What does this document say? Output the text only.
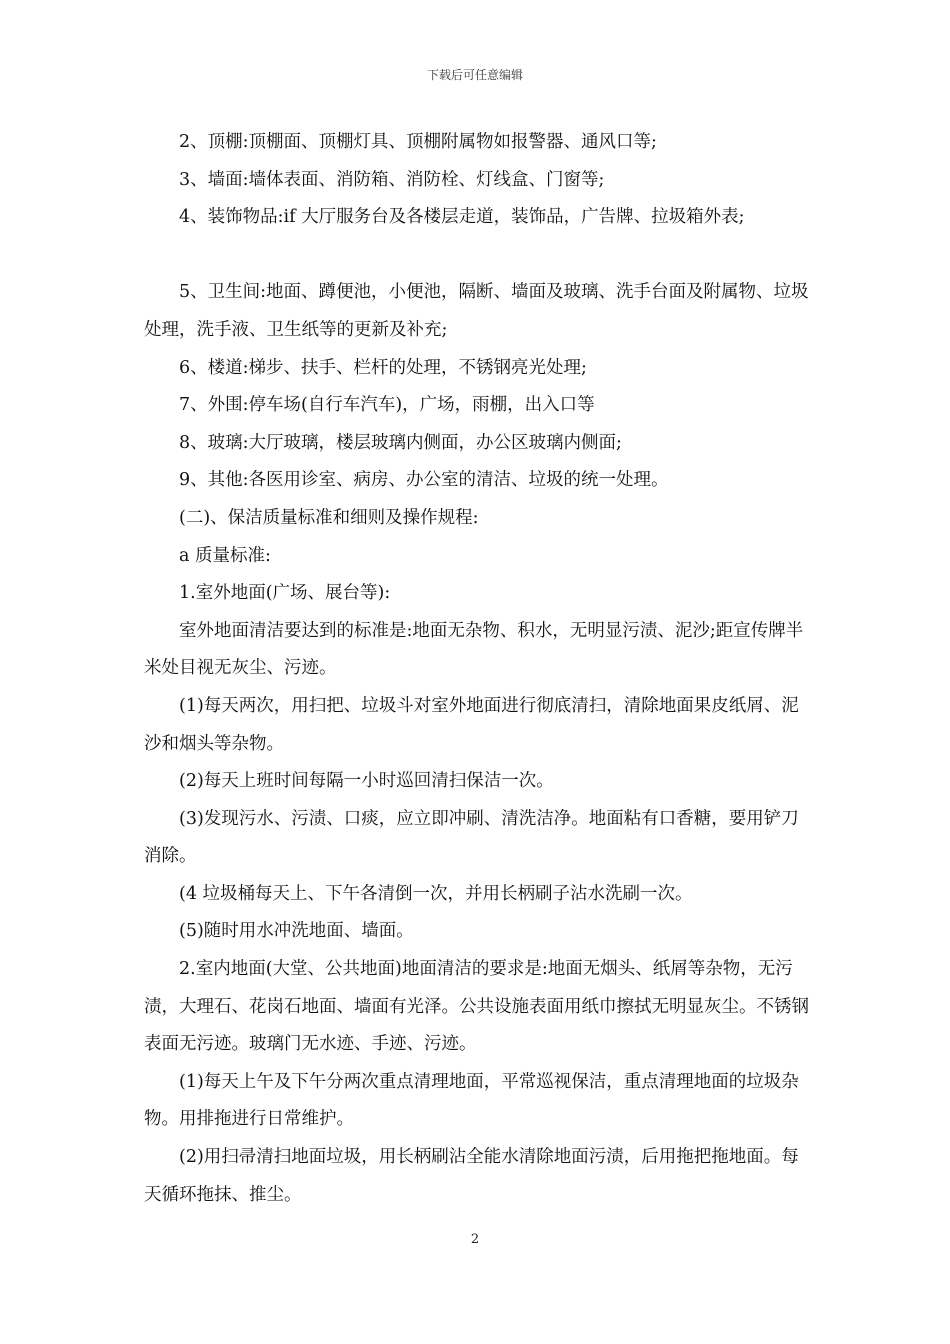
下载后可任意编辑

2、顶棚:顶棚面、顶棚灯具、顶棚附属物如报警器、通风口等;

3、墙面:墙体表面、消防箱、消防栓、灯线盒、门窗等;

4、装饰物品:if 大厅服务台及各楼层走道，装饰品，广告牌、拉圾箱外表;

5、卫生间:地面、蹲便池，小便池，隔断、墙面及玻璃、洗手台面及附属物、垃圾处理，洗手液、卫生纸等的更新及补充;

6、楼道:梯步、扶手、栏杆的处理，不锈钢亮光处理;

7、外围:停车场(自行车汽车)，广场，雨棚，出入口等

8、玻璃:大厅玻璃，楼层玻璃内侧面，办公区玻璃内侧面;

9、其他:各医用诊室、病房、办公室的清洁、垃圾的统一处理。

(二)、保洁质量标准和细则及操作规程:

a 质量标准:

1.室外地面(广场、展台等):

室外地面清洁要达到的标准是:地面无杂物、积水，无明显污渍、泥沙;距宣传牌半米处目视无灰尘、污迹。

(1)每天两次，用扫把、垃圾斗对室外地面进行彻底清扫，清除地面果皮纸屑、泥沙和烟头等杂物。

(2)每天上班时间每隔一小时巡回清扫保洁一次。

(3)发现污水、污渍、口痰，应立即冲刷、清洗洁净。地面粘有口香糖，要用铲刀消除。

(4 垃圾桶每天上、下午各清倒一次，并用长柄刷子沾水洗刷一次。

(5)随时用水冲洗地面、墙面。

2.室内地面(大堂、公共地面)地面清洁的要求是:地面无烟头、纸屑等杂物，无污渍，大理石、花岗石地面、墙面有光泽。公共设施表面用纸巾擦拭无明显灰尘。不锈钢表面无污迹。玻璃门无水迹、手迹、污迹。

(1)每天上午及下午分两次重点清理地面，平常巡视保洁，重点清理地面的垃圾杂物。用排拖进行日常维护。

(2)用扫帚清扫地面垃圾，用长柄刷沾全能水清除地面污渍，后用拖把拖地面。每天循环拖抹、推尘。

2
